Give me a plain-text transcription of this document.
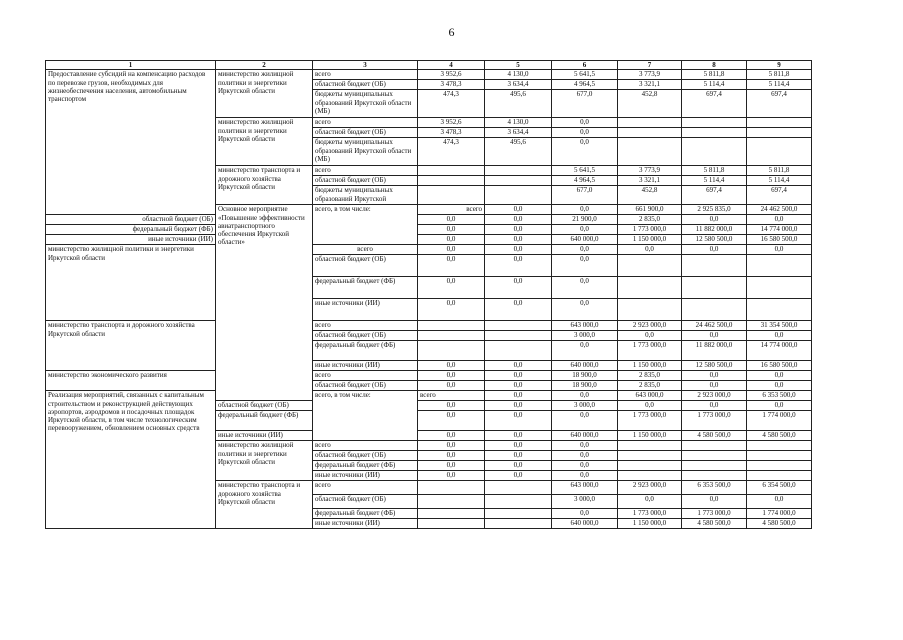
6
1	2	3	4	5	6	7	8	9	
Предоставление субсидий на компенсацию расходов по перевозке грузов, необходимых для жизнеобеспечения населения, автомобильным транспортом	министерство жилищной политики и энергетики Иркутской области	всего	3 952,6	4 130,0	5 641,5	3 773,9	5 811,8	5 811,8	
		областной бюджет (ОБ)	3 478,3	3 634,4	4 964,5	3 321,1	5 114,4	5 114,4	
		бюджеты муниципальных образований Иркутской области (МБ)	474,3	495,6	677,0	452,8	697,4	697,4	
	министерство жилищной политики и энергетики Иркутской области	всего	3 952,6	4 130,0	0,0				
		областной бюджет (ОБ)	3 478,3	3 634,4	0,0				
		бюджеты муниципальных образований Иркутской области (МБ)	474,3	495,6	0,0				
	министерство транспорта и дорожного хозяйства Иркутской области	всего			5 641,5	3 773,9	5 811,8	5 811,8	
		областной бюджет (ОБ)			4 964,5	3 321,1	5 114,4	5 114,4	
		бюджеты муниципальных образований Иркутской			677,0	452,8	697,4	697,4	
	Основное мероприятие «Повышение эффективности авиатранспортного обеспечения Иркутской области»	всего, в том числе:	всего	0,0	0,0	661 900,0	2 925 835,0	24 462 500,0	
областной бюджет (ОБ)			0,0	0,0	21 900,0	2 835,0	0,0	0,0	
федеральный бюджет (ФБ)			0,0	0,0	0,0	1 773 000,0	11 882 000,0	14 774 000,0	
иные источники (ИИ)			0,0	0,0	640 000,0	1 150 000,0	12 580 500,0	16 580 500,0	
министерство жилищной политики и энергетики Иркутской области		всего	0,0	0,0	0,0	0,0	0,0	0,0	
		областной бюджет (ОБ)	0,0	0,0	0,0				
		федеральный бюджет (ФБ)	0,0	0,0	0,0				
		иные источники (ИИ)	0,0	0,0	0,0				
министерство транспорта и дорожного хозяйства Иркутской области		всего			643 000,0	2 923 000,0	24 462 500,0	31 354 500,0	
		областной бюджет (ОБ)			3 000,0	0,0	0,0	0,0	
		федеральный бюджет (ФБ)			0,0	1 773 000,0	11 882 000,0	14 774 000,0	
		иные источники (ИИ)	0,0	0,0	640 000,0	1 150 000,0	12 580 500,0	16 580 500,0	
министерство экономического развития		всего	0,0	0,0	18 900,0	2 835,0	0,0	0,0	
		областной бюджет (ОБ)	0,0	0,0	18 900,0	2 835,0	0,0	0,0	
Реализация мероприятий, связанных с капитальным строительством и реконструкцией действующих аэропортов, аэродромов и посадочных площадок Иркутской области, в том числе технологическим перевооружением, обновлением основных средств		всего, в том числе:	всего	0,0	0,0	643 000,0	2 923 000,0	6 353 500,0	
	областной бюджет (ОБ)		0,0	0,0	3 000,0	0,0	0,0	0,0	
	федеральный бюджет (ФБ)		0,0	0,0	0,0	1 773 000,0	1 773 000,0	1 774 000,0	
	иные источники (ИИ)		0,0	0,0	640 000,0	1 150 000,0	4 580 500,0	4 580 500,0	
	министерство жилищной политики и энергетики Иркутской области	всего	0,0	0,0	0,0				
		областной бюджет (ОБ)	0,0	0,0	0,0				
		федеральный бюджет (ФБ)	0,0	0,0	0,0				
		иные источники (ИИ)	0,0	0,0	0,0				
	министерство транспорта и дорожного хозяйства Иркутской области	всего			643 000,0	2 923 000,0	6 353 500,0	6 354 500,0	
		областной бюджет (ОБ)			3 000,0	0,0	0,0	0,0	
		федеральный бюджет (ФБ)			0,0	1 773 000,0	1 773 000,0	1 774 000,0	
		иные источники (ИИ)			640 000,0	1 150 000,0	4 580 500,0	4 580 500,0	
